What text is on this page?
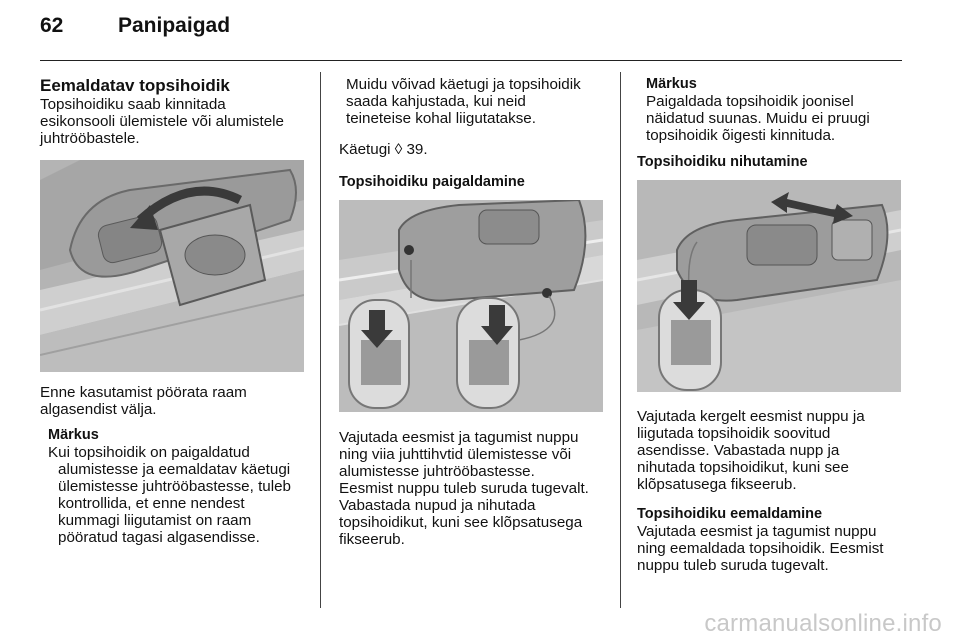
62	Panipaigad

Eemaldatav topsihoidik

Topsihoidiku saab kinnitada

esikonsooli ülemistele või alumistele

juhtrööbastele.

Enne kasutamist pöörata raam

algasendist välja.

Märkus

Kui topsihoidik on paigaldatud

alumistesse ja eemaldatav käetugi

ülemistesse juhtrööbastesse, tuleb

kontrollida, et enne nendest

kummagi liigutamist on raam

pööratud tagasi algasendisse.

Muidu võivad käetugi ja topsihoidik

saada kahjustada, kui neid

teineteise kohal liigutatakse.

Käetugi ◊ 39.

Topsihoidiku paigaldamine

Vajutada eesmist ja tagumist nuppu

ning viia juhttihvtid ülemistesse või

alumistesse juhtrööbastesse.

Eesmist nuppu tuleb suruda tugevalt.

Vabastada nupud ja nihutada

topsihoidikut, kuni see klõpsatusega

fikseerub.

Märkus

Paigaldada topsihoidik joonisel

näidatud suunas. Muidu ei pruugi

topsihoidik õigesti kinnituda.

Topsihoidiku nihutamine

Vajutada kergelt eesmist nuppu ja

liigutada topsihoidik soovitud

asendisse. Vabastada nupp ja

nihutada topsihoidikut, kuni see

klõpsatusega fikseerub.

Topsihoidiku eemaldamine

Vajutada eesmist ja tagumist nuppu

ning eemaldada topsihoidik. Eesmist

nuppu tuleb suruda tugevalt.

carmanualsonline.info
